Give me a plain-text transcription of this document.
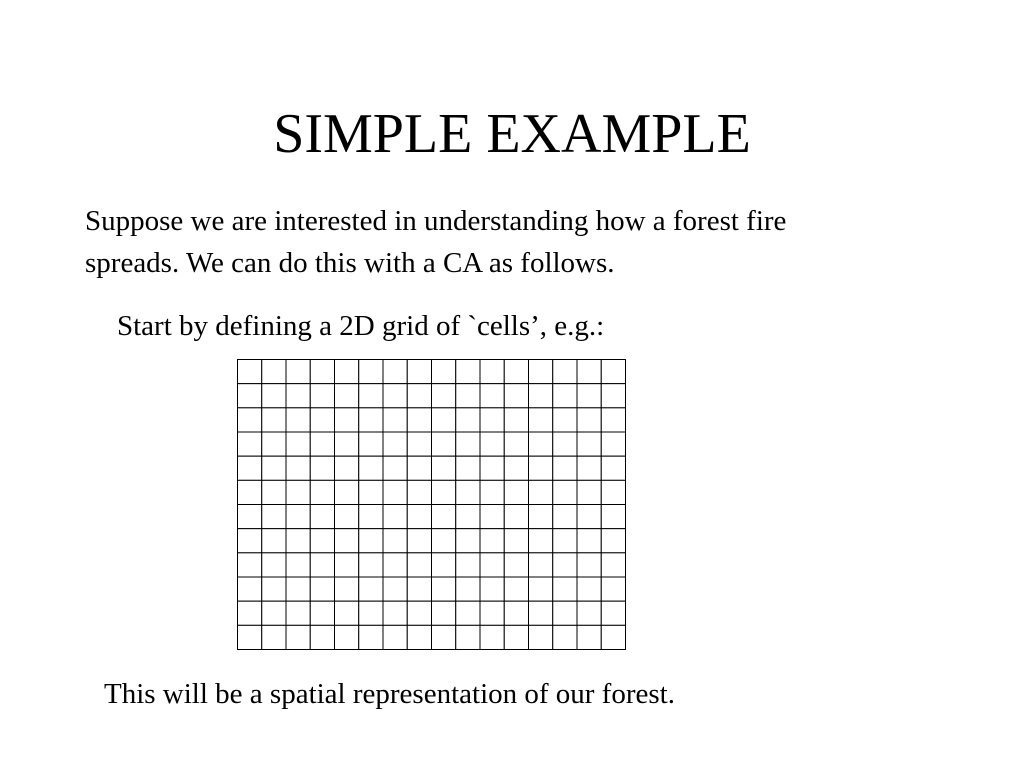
SIMPLE EXAMPLE

Suppose we are interested in understanding how a forest fire
spreads. We can do this with a CA as follows.

Start by defining a 2D grid of `cells’, e.g.:

This will be a spatial representation of our forest.
